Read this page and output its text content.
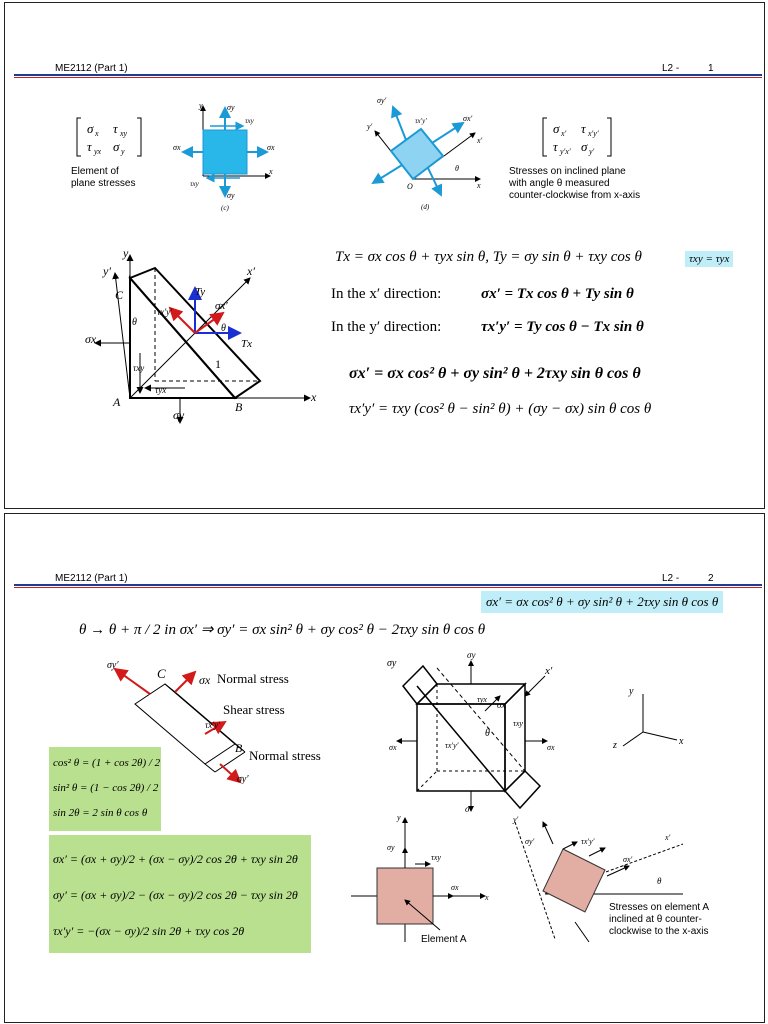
ME2112 (Part 1)	L2 -	1
σ x τ xy
τ yx σ y
Element of
plane stresses
y
x
σy
τxy
σx	σx
τxy
σy
(c)
σy′
τx′y′	σx′
x′
y′
θ
x
O
(d)
σ x′ τ x′y′
τ y′x′ σ y′
Stresses on inclined plane
with angle θ measured
counter-clockwise from x-axis
y
y′	x′
x
C
A	B
1
σx
σy
Ty
Tx
σx′
τx′y′
θ
θ
τxy
τyx
Tx = σx cos θ + τyx sin θ, Ty = σy sin θ + τxy cos θ	τxy = τyx
In the x′ direction:	σx′ = Tx cos θ + Ty sin θ
In the y′ direction:	τx′y′ = Ty cos θ − Tx sin θ
σx′ = σx cos² θ + σy sin² θ + 2τxy sin θ cos θ
τx′y′ = τxy (cos² θ − sin² θ) + (σy − σx) sin θ cos θ
ME2112 (Part 1)	L2 -	2
σx′ = σx cos² θ + σy sin² θ + 2τxy sin θ cos θ
θ → θ + π / 2 in σx′ ⇒ σy′ = σx sin² θ + σy cos² θ − 2τxy sin θ cos θ
σy′
C	σx
τx′y′
B
σy′
Normal stress
Shear stress
Normal stress
cos² θ = (1 + cos 2θ) / 2
sin² θ = (1 − cos 2θ) / 2
sin 2θ = 2 sin θ cos θ
σx′ = (σx + σy)/2 + (σx − σy)/2 cos 2θ + τxy sin 2θ
σy′ = (σx + σy)/2 − (σx − σy)/2 cos 2θ − τxy sin 2θ
τx′y′ = −(σx − σy)/2 sin 2θ + τxy cos 2θ
σy
σy
x′
τyx
σx′
τxy
θ
τx′y′
σx	σx
σ
y
x
z
y
σy
τxy
σx
x
Element A
y′
σy′	τx′y′
σx′
x′
θ
Stresses on element A
inclined at θ counter-
clockwise to the x-axis
